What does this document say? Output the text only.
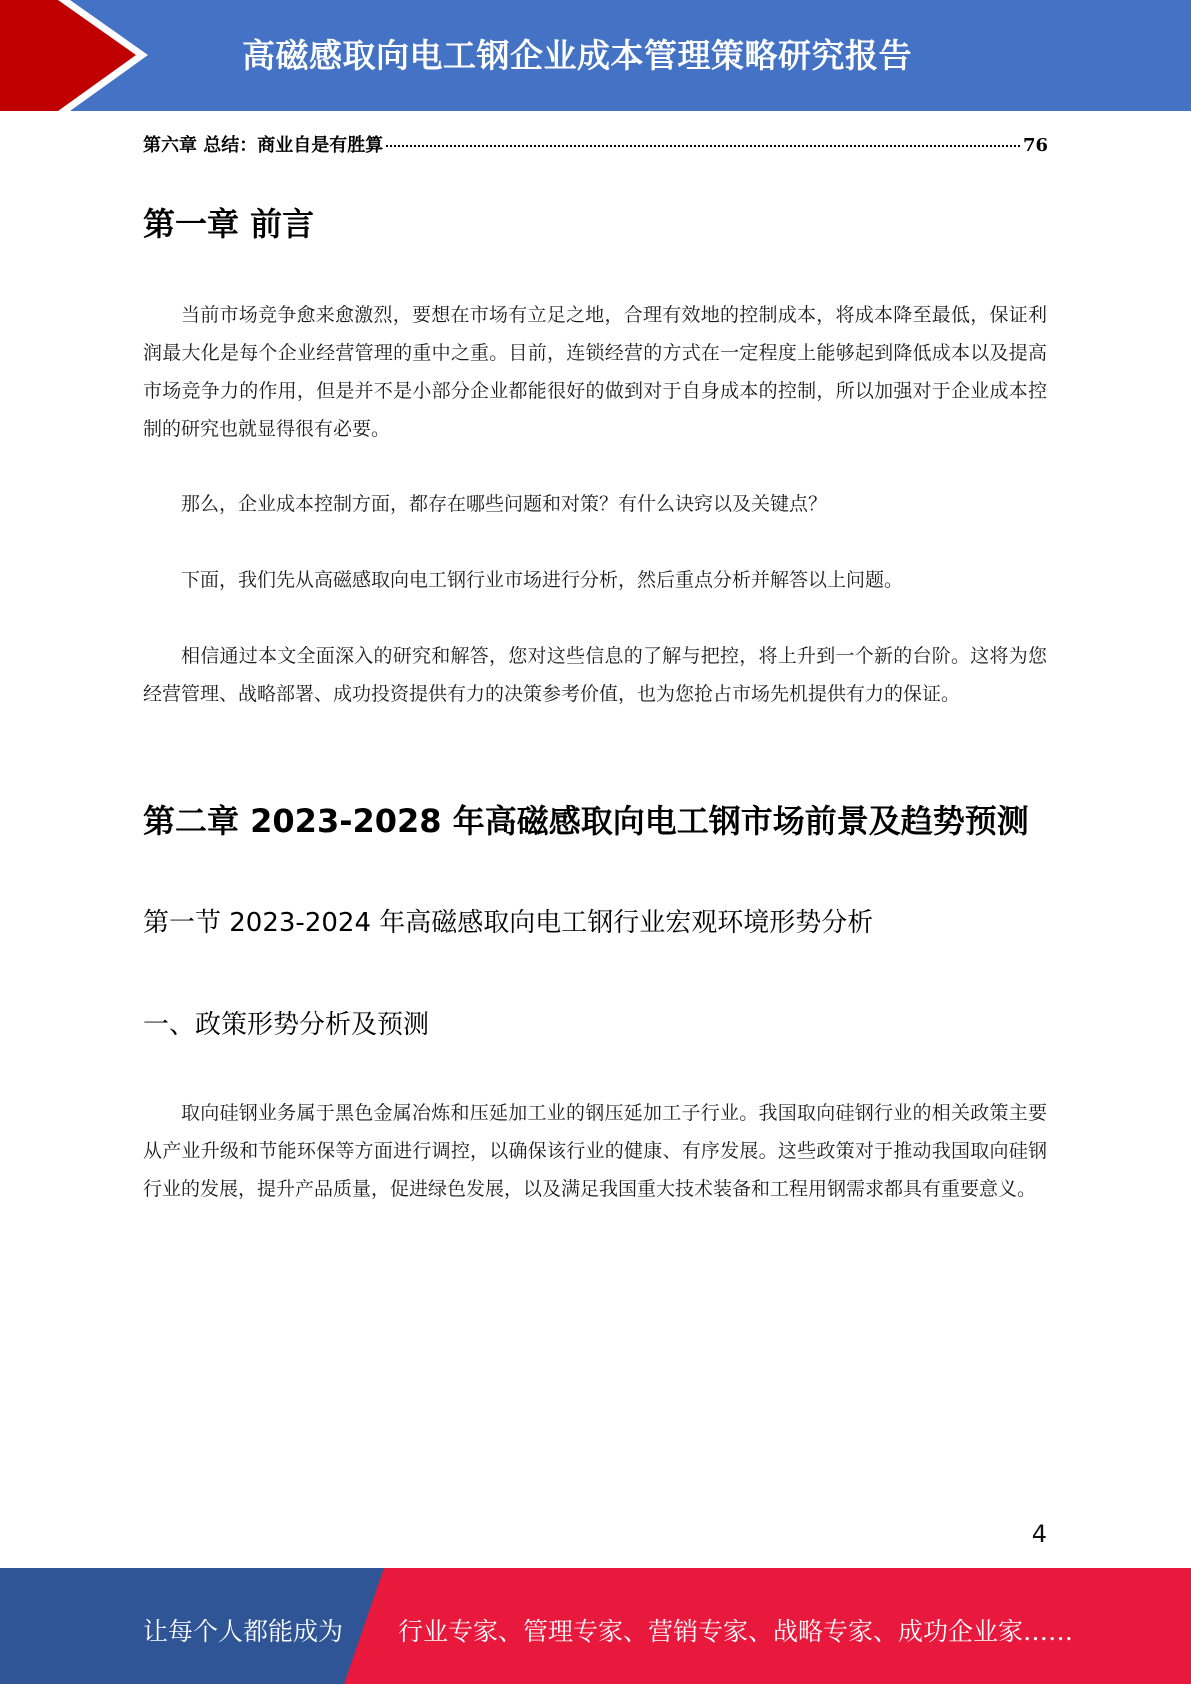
高磁感取向电工钢企业成本管理策略研究报告
第六章 总结：商业自是有胜算	76
第一章 前言

当前市场竞争愈来愈激烈，要想在市场有立足之地，合理有效地的控制成本，将成本降至最低，保证利润最大化是每个企业经营管理的重中之重。目前，连锁经营的方式在一定程度上能够起到降低成本以及提高市场竞争力的作用，但是并不是小部分企业都能很好的做到对于自身成本的控制，所以加强对于企业成本控制的研究也就显得很有必要。

那么，企业成本控制方面，都存在哪些问题和对策？有什么诀窍以及关键点？

下面，我们先从高磁感取向电工钢行业市场进行分析，然后重点分析并解答以上问题。

相信通过本文全面深入的研究和解答，您对这些信息的了解与把控，将上升到一个新的台阶。这将为您经营管理、战略部署、成功投资提供有力的决策参考价值，也为您抢占市场先机提供有力的保证。

第二章 2023-2028 年高磁感取向电工钢市场前景及趋势预测
第一节 2023-2024 年高磁感取向电工钢行业宏观环境形势分析
一、政策形势分析及预测

取向硅钢业务属于黑色金属冶炼和压延加工业的钢压延加工子行业。我国取向硅钢行业的相关政策主要从产业升级和节能环保等方面进行调控，以确保该行业的健康、有序发展。这些政策对于推动我国取向硅钢行业的发展，提升产品质量，促进绿色发展，以及满足我国重大技术装备和工程用钢需求都具有重要意义。

4
让每个人都能成为 行业专家、管理专家、营销专家、战略专家、成功企业家……
